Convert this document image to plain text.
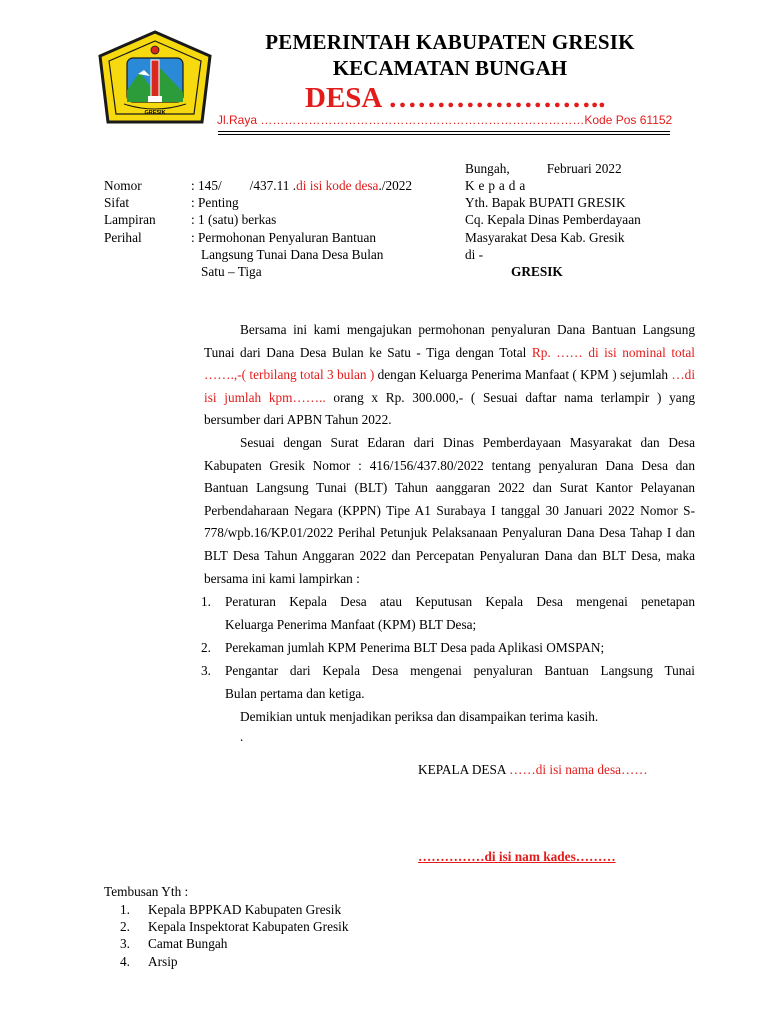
GRESIK
PEMERINTAH KABUPATEN GRESIK
KECAMATAN BUNGAH
DESA …………………..
Jl.Raya ………………………………………………………………………Kode Pos 61152
Nomor	: 145/ /437.11 .di isi kode desa./2022
Sifat	: Penting
Lampiran	: 1 (satu) berkas
Perihal	: Permohonan Penyaluran Bantuan
Langsung Tunai Dana Desa Bulan
Satu – Tiga
Bungah,	Februari 2022
K e p a d a
Yth. Bapak BUPATI GRESIK
Cq. Kepala Dinas Pemberdayaan
Masyarakat Desa Kab. Gresik
di -
GRESIK

Bersama ini kami mengajukan permohonan penyaluran Dana Bantuan Langsung Tunai dari Dana Desa Bulan ke Satu - Tiga dengan Total Rp. …… di isi nominal total …….,-( terbilang total 3 bulan ) dengan Keluarga Penerima Manfaat ( KPM ) sejumlah …di isi jumlah kpm…….. orang x Rp. 300.000,- ( Sesuai daftar nama terlampir ) yang bersumber dari APBN Tahun 2022.

Sesuai dengan Surat Edaran dari Dinas Pemberdayaan Masyarakat dan Desa Kabupaten Gresik Nomor : 416/156/437.80/2022 tentang penyaluran Dana Desa dan Bantuan Langsung Tunai (BLT) Tahun aanggaran 2022 dan Surat Kantor Pelayanan Perbendaharaan Negara (KPPN) Tipe A1 Surabaya I tanggal 30 Januari 2022 Nomor S-778/wpb.16/KP.01/2022 Perihal Petunjuk Pelaksanaan Penyaluran Dana Desa Tahap I dan BLT Desa Tahun Anggaran 2022 dan Percepatan Penyaluran Dana dan BLT Desa, maka bersama ini kami lampirkan :

1. Peraturan Kepala Desa atau Keputusan Kepala Desa mengenai penetapan
Keluarga Penerima Manfaat (KPM) BLT Desa;
2. Perekaman jumlah KPM Penerima BLT Desa pada Aplikasi OMSPAN;
3. Pengantar dari Kepala Desa mengenai penyaluran Bantuan Langsung Tunai
Bulan pertama dan ketiga.
Demikian untuk menjadikan periksa dan disampaikan terima kasih.
.
KEPALA DESA ……di isi nama desa……
……………di isi nam kades………
Tembusan Yth :
1. Kepala BPPKAD Kabupaten Gresik
2. Kepala Inspektorat Kabupaten Gresik
3. Camat Bungah
4. Arsip
